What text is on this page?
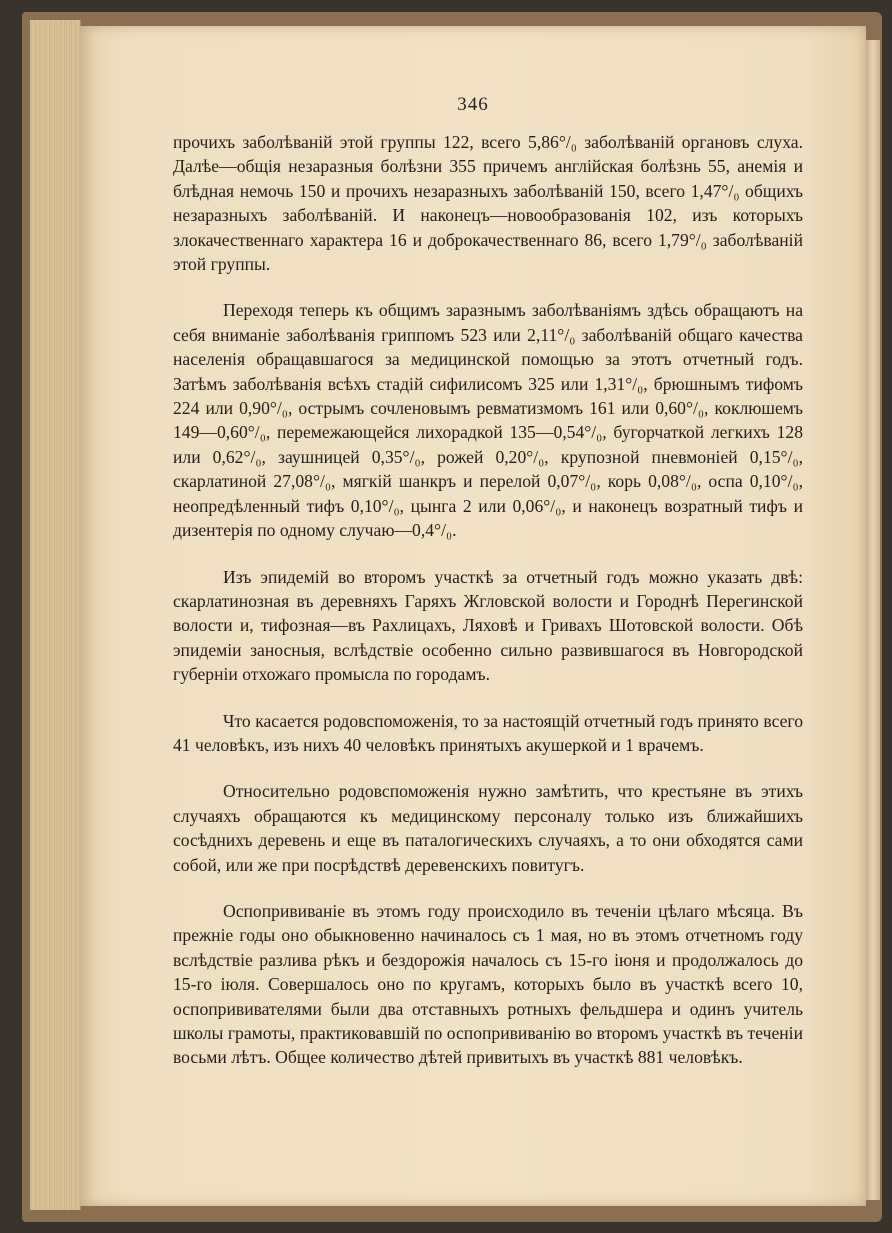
346

прочихъ заболѣваній этой группы 122, всего 5,86°/₀ заболѣваній органовъ слуха. Далѣе—общія незаразныя болѣзни 355 причемъ англійская болѣзнь 55, анемія и блѣдная немочь 150 и прочихъ незаразныхъ заболѣваній 150, всего 1,47°/₀ общихъ незаразныхъ заболѣваній. И наконецъ—новообразованія 102, изъ которыхъ злокачественнаго характера 16 и доброкачественнаго 86, всего 1,79°/₀ заболѣваній этой группы.

Переходя теперь къ общимъ заразнымъ заболѣваніямъ здѣсь обращаютъ на себя вниманіе заболѣванія гриппомъ 523 или 2,11°/₀ заболѣваній общаго качества населенія обращавшагося за медицинской помощью за этотъ отчетный годъ. Затѣмъ заболѣванія всѣхъ стадій сифилисомъ 325 или 1,31°/₀, брюшнымъ тифомъ 224 или 0,90°/₀, острымъ сочленовымъ ревматизмомъ 161 или 0,60°/₀, коклюшемъ 149—0,60°/₀, перемежающейся лихорадкой 135—0,54°/₀, бугорчаткой легкихъ 128 или 0,62°/₀, заушницей 0,35°/₀, рожей 0,20°/₀, крупозной пневмоніей 0,15°/₀, скарлатиной 27,08°/₀, мягкій шанкръ и перелой 0,07°/₀, корь 0,08°/₀, оспа 0,10°/₀, неопредѣленный тифъ 0,10°/₀, цынга 2 или 0,06°/₀, и наконецъ возратный тифъ и дизентерія по одному случаю—0,4°/₀.

Изъ эпидемій во второмъ участкѣ за отчетный годъ можно указать двѣ: скарлатинозная въ деревняхъ Гаряхъ Жгловской волости и Городнѣ Перегинской волости и, тифозная—въ Рахлицахъ, Ляховѣ и Гривахъ Шотовской волости. Обѣ эпидеміи заносныя, вслѣдствіе особенно сильно развившагося въ Новгородской губерніи отхожаго промысла по городамъ.

Что касается родовспоможенія, то за настоящій отчетный годъ принято всего 41 человѣкъ, изъ нихъ 40 человѣкъ принятыхъ акушеркой и 1 врачемъ.

Относительно родовспоможенія нужно замѣтить, что крестьяне въ этихъ случаяхъ обращаются къ медицинскому персоналу только изъ ближайшихъ сосѣднихъ деревень и еще въ паталогическихъ случаяхъ, а то они обходятся сами собой, или же при посрѣдствѣ деревенскихъ повитугъ.

Оспопрививаніе въ этомъ году происходило въ теченіи цѣлаго мѣсяца. Въ прежніе годы оно обыкновенно начиналось съ 1 мая, но въ этомъ отчетномъ году вслѣдствіе разлива рѣкъ и бездорожія началось съ 15-го іюня и продолжалось до 15-го іюля. Совершалось оно по кругамъ, которыхъ было въ участкѣ всего 10, оспопрививателями были два отставныхъ ротныхъ фельдшера и одинъ учитель школы грамоты, практиковавшій по оспопрививанію во второмъ участкѣ въ теченіи восьми лѣтъ. Общее количество дѣтей привитыхъ въ участкѣ 881 человѣкъ.
